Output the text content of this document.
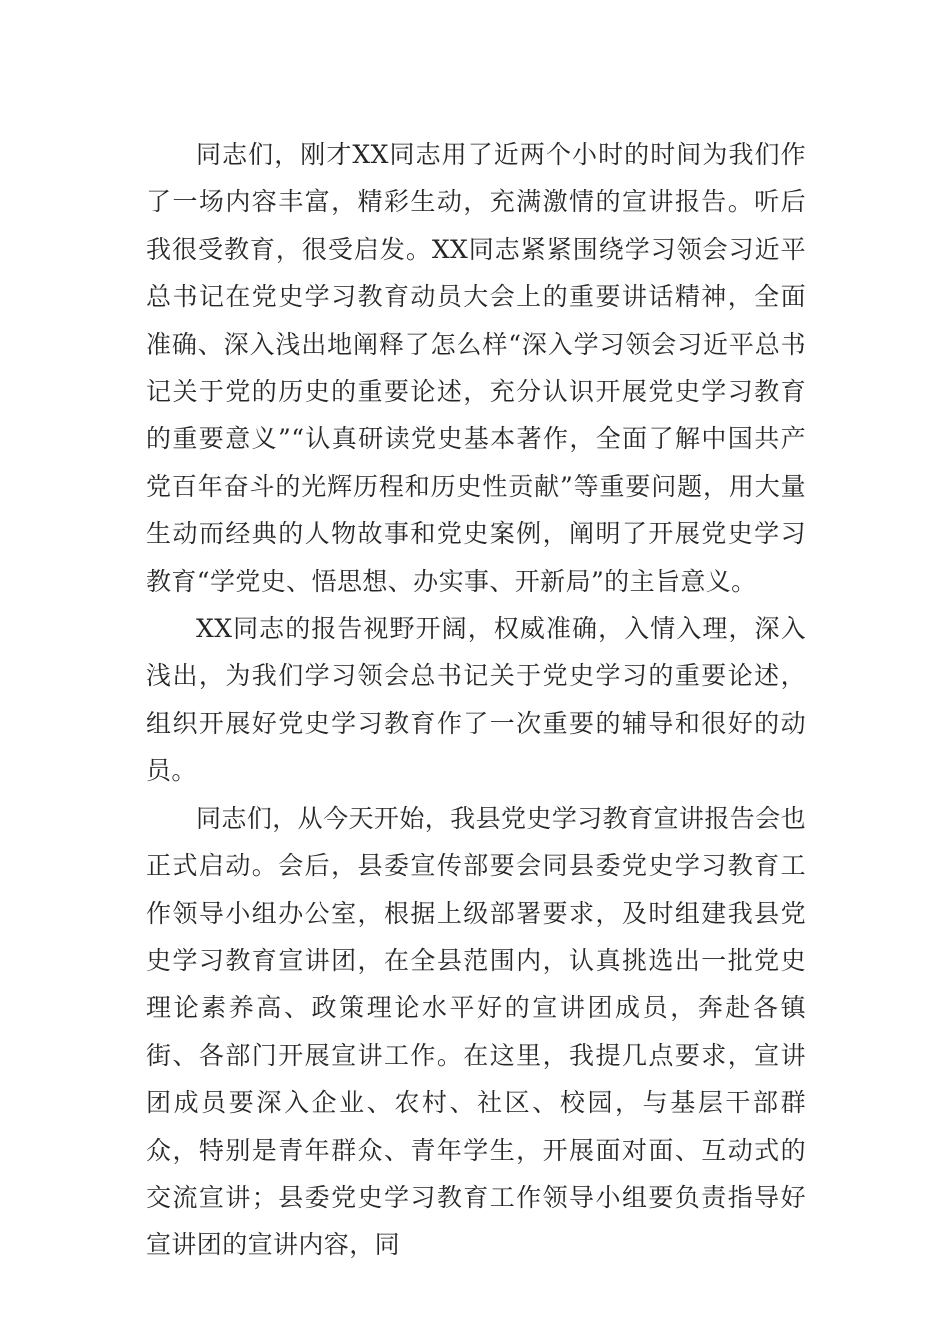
同志们，刚才XX同志用了近两个小时的时间为我们作了一场内容丰富，精彩生动，充满激情的宣讲报告。听后我很受教育，很受启发。XX同志紧紧围绕学习领会习近平总书记在党史学习教育动员大会上的重要讲话精神，全面准确、深入浅出地阐释了怎么样“深入学习领会习近平总书记关于党的历史的重要论述，充分认识开展党史学习教育的重要意义”“认真研读党史基本著作，全面了解中国共产党百年奋斗的光辉历程和历史性贡献”等重要问题，用大量生动而经典的人物故事和党史案例，阐明了开展党史学习教育“学党史、悟思想、办实事、开新局”的主旨意义。

XX同志的报告视野开阔，权威准确，入情入理，深入浅出，为我们学习领会总书记关于党史学习的重要论述，组织开展好党史学习教育作了一次重要的辅导和很好的动员。

同志们，从今天开始，我县党史学习教育宣讲报告会也正式启动。会后，县委宣传部要会同县委党史学习教育工作领导小组办公室，根据上级部署要求，及时组建我县党史学习教育宣讲团，在全县范围内，认真挑选出一批党史理论素养高、政策理论水平好的宣讲团成员，奔赴各镇街、各部门开展宣讲工作。在这里，我提几点要求，宣讲团成员要深入企业、农村、社区、校园，与基层干部群众，特别是青年群众、青年学生，开展面对面、互动式的交流宣讲；县委党史学习教育工作领导小组要负责指导好宣讲团的宣讲内容，同
